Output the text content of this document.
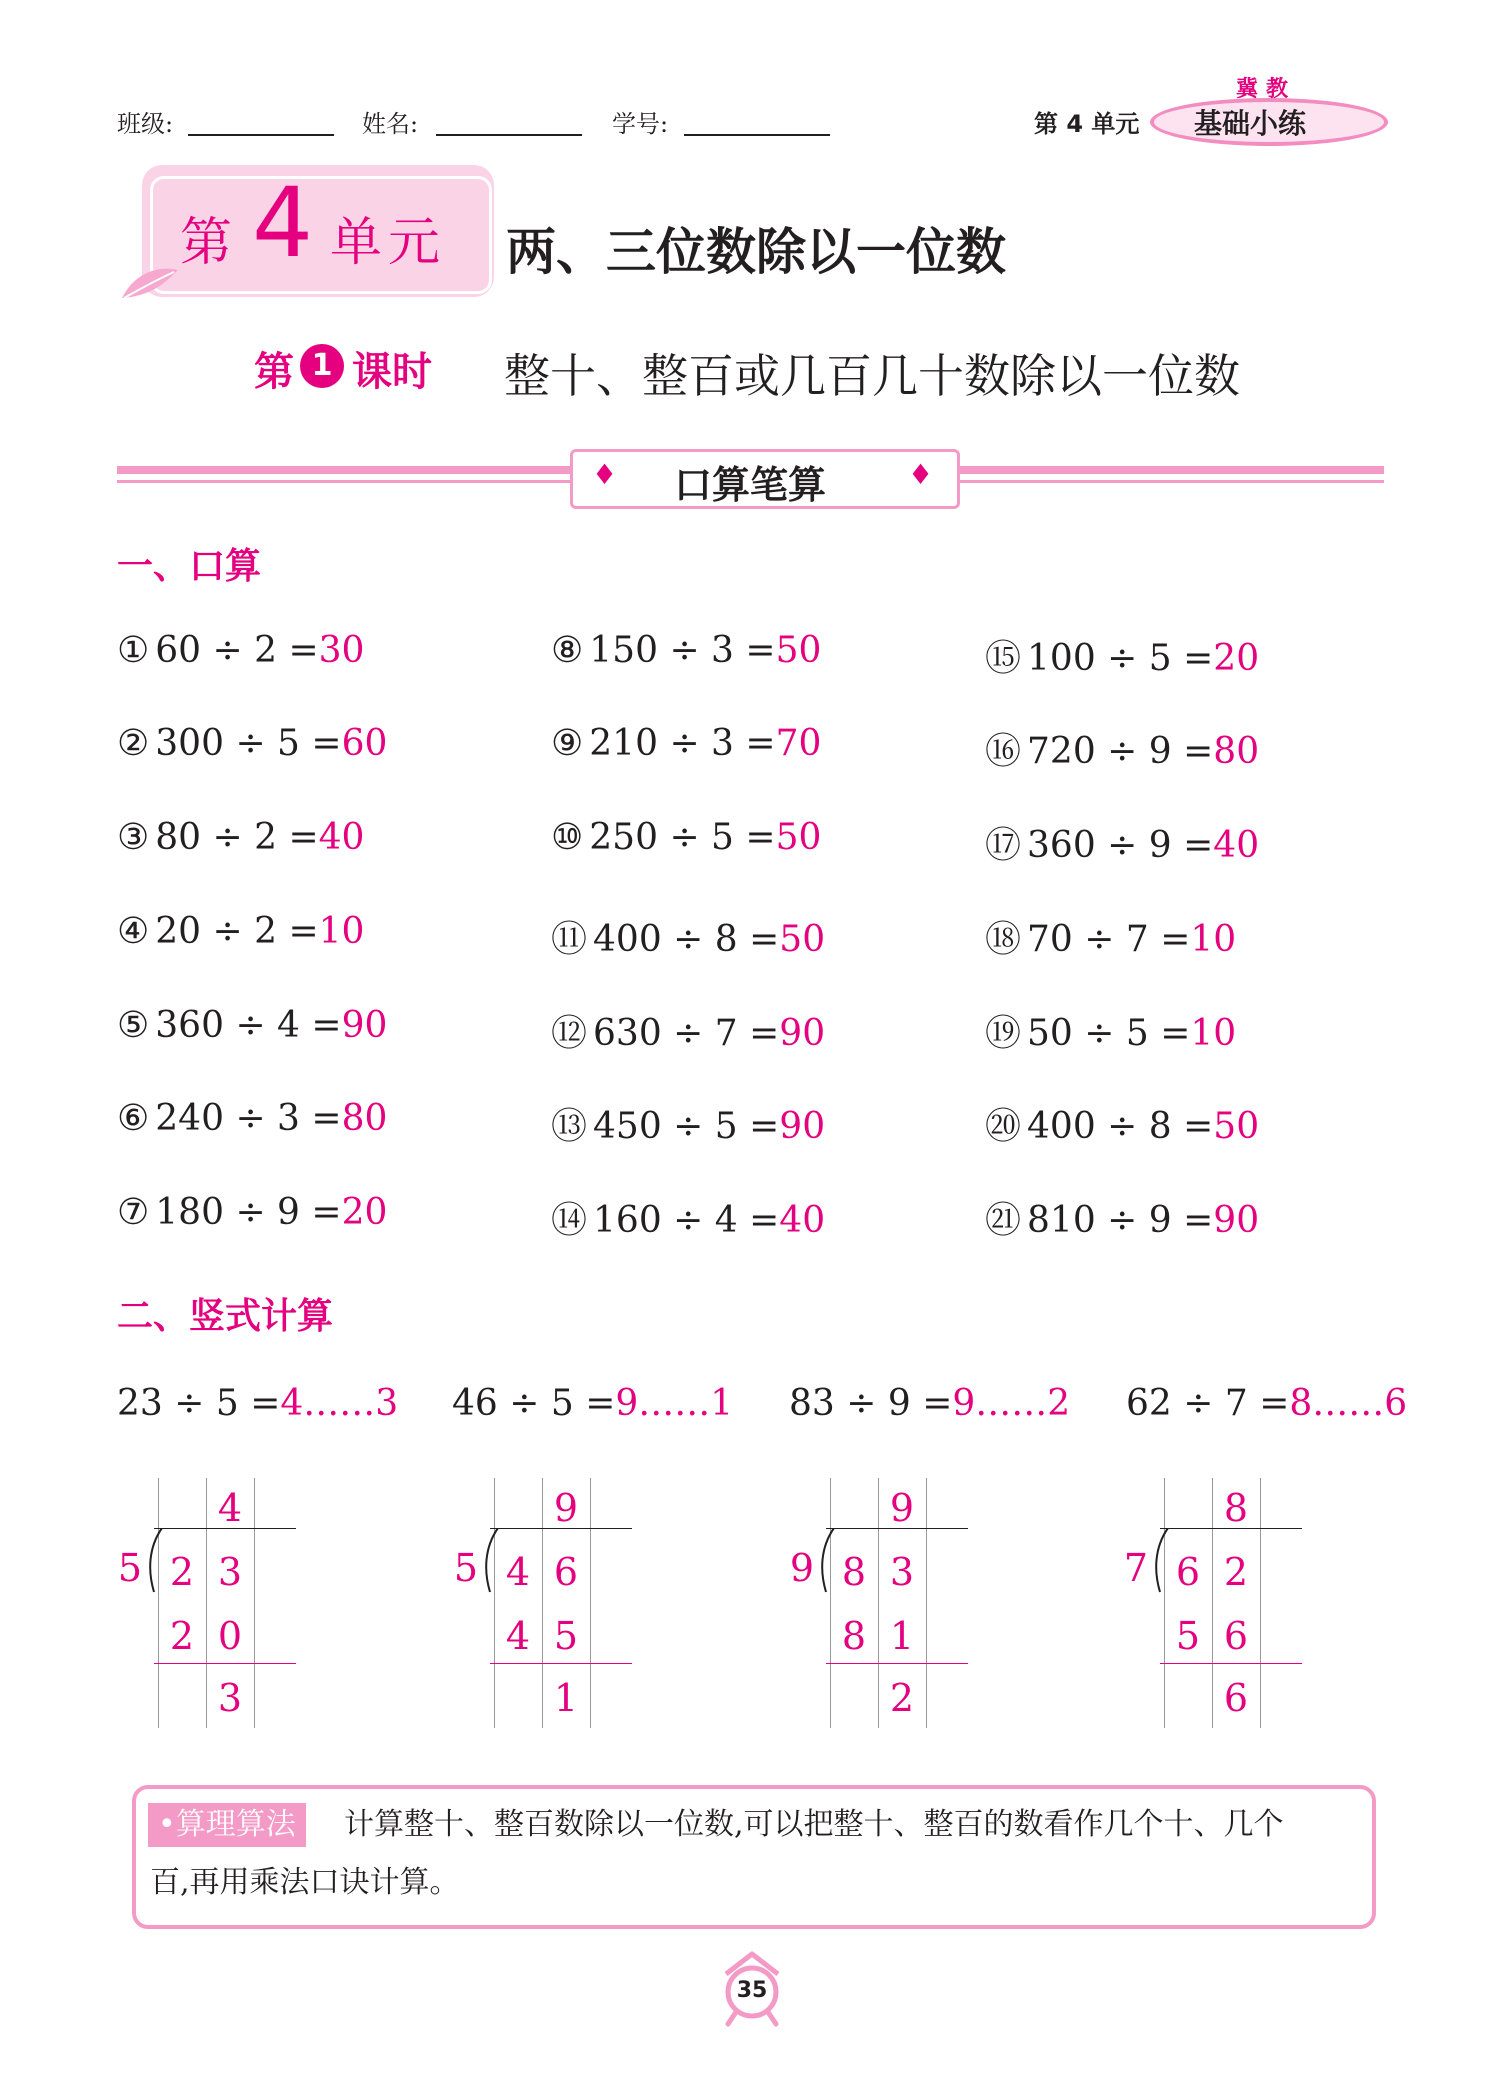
班级:	姓名:	学号:	第 4 单元
冀教
基础小练
第 4 单元 两、三位数除以一位数
第 1 课时 整十、整百或几百几十数除以一位数
♦	♦
口算笔算
一、口算
① 60 ÷ 2 =30
② 300 ÷ 5 =60
③ 80 ÷ 2 =40
④ 20 ÷ 2 =10
⑤ 360 ÷ 4 =90
⑥ 240 ÷ 3 =80
⑦ 180 ÷ 9 =20
⑧ 150 ÷ 3 =50
⑨ 210 ÷ 3 =70
⑩ 250 ÷ 5 =50
⑪ 400 ÷ 8 =50
⑫ 630 ÷ 7 =90
⑬ 450 ÷ 5 =90
⑭ 160 ÷ 4 =40
⑮ 100 ÷ 5 =20
⑯ 720 ÷ 9 =80
⑰ 360 ÷ 9 =40
⑱ 70 ÷ 7 =10
⑲ 50 ÷ 5 =10
⑳ 400 ÷ 8 =50
㉑ 810 ÷ 9 =90
二、竖式计算
23 ÷ 5 =4……3 46 ÷ 5 =9……1 83 ÷ 9 =9……2 62 ÷ 7 =8……6
4
5 2 3
2 0
3
9
5 4 6
4 5
1
9
9 8 3
8 1
2
8
7 6 2
5 6
6
•算理算法	计算整十、整百数除以一位数,可以把整十、整百的数看作几个十、几个
百,再用乘法口诀计算。
35
